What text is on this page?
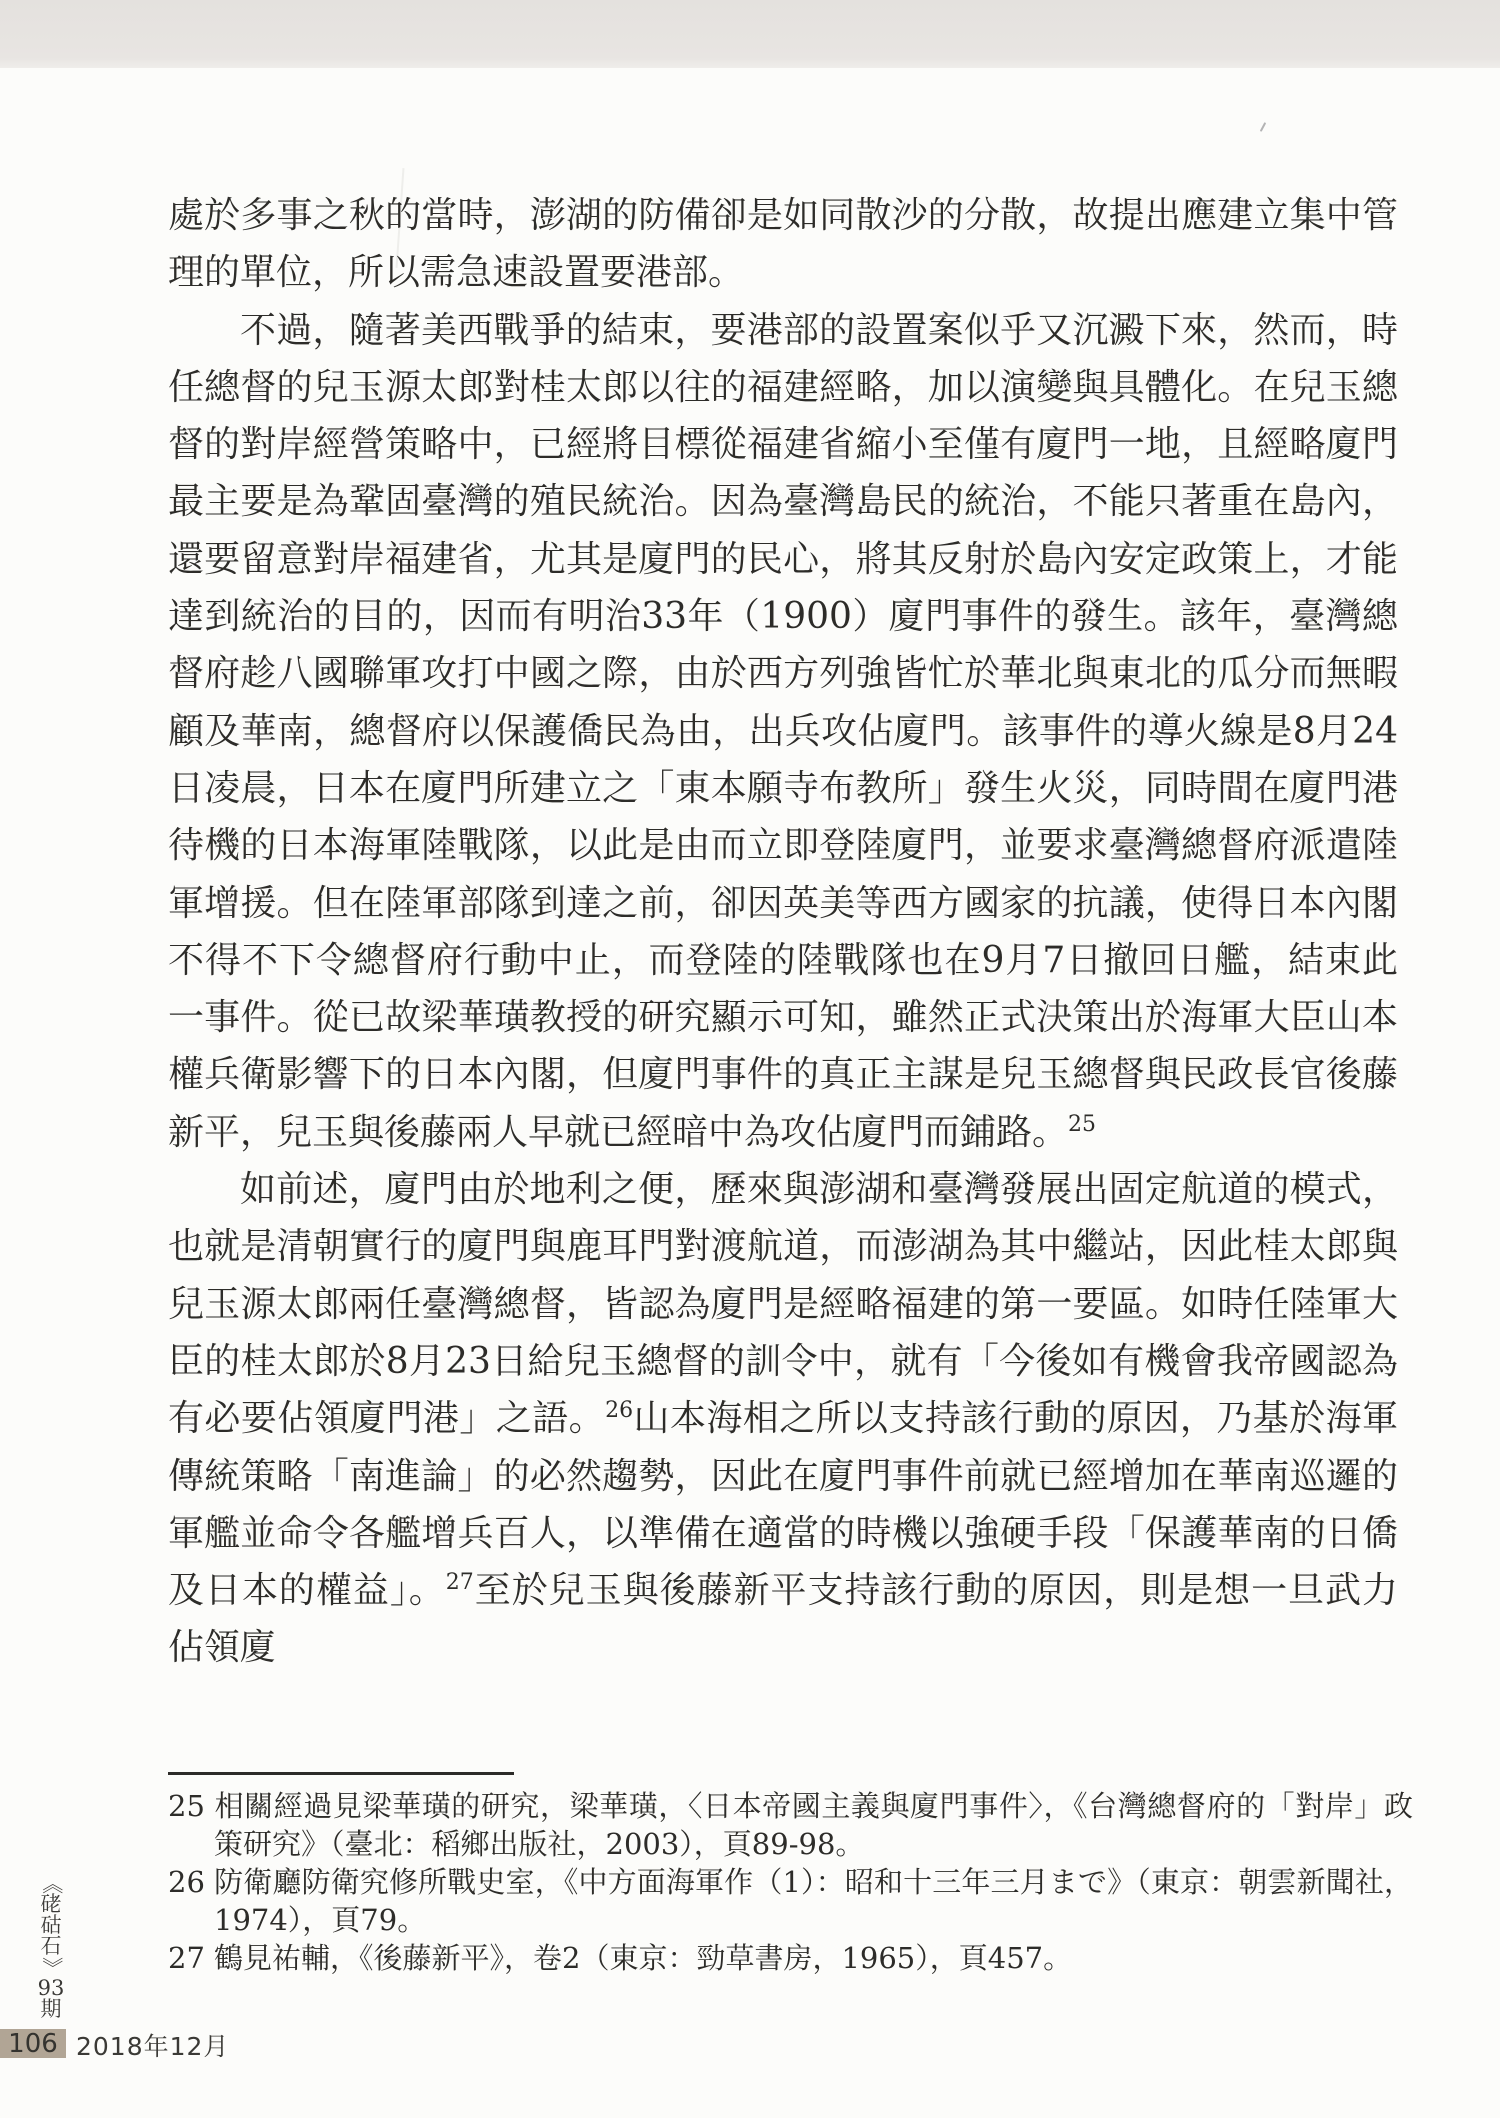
處於多事之秋的當時，澎湖的防備卻是如同散沙的分散，故提出應建立集中管理的單位，所以需急速設置要港部。

不過，隨著美西戰爭的結束，要港部的設置案似乎又沉澱下來，然而，時任總督的兒玉源太郎對桂太郎以往的福建經略，加以演變與具體化。在兒玉總督的對岸經營策略中，已經將目標從福建省縮小至僅有廈門一地，且經略廈門最主要是為鞏固臺灣的殖民統治。因為臺灣島民的統治，不能只著重在島內，還要留意對岸福建省，尤其是廈門的民心，將其反射於島內安定政策上，才能達到統治的目的，因而有明治33年（1900）廈門事件的發生。該年，臺灣總督府趁八國聯軍攻打中國之際，由於西方列強皆忙於華北與東北的瓜分而無暇顧及華南，總督府以保護僑民為由，出兵攻佔廈門。該事件的導火線是8月24日凌晨，日本在廈門所建立之「東本願寺布教所」發生火災，同時間在廈門港待機的日本海軍陸戰隊，以此是由而立即登陸廈門，並要求臺灣總督府派遣陸軍增援。但在陸軍部隊到達之前，卻因英美等西方國家的抗議，使得日本內閣不得不下令總督府行動中止，而登陸的陸戰隊也在9月7日撤回日艦，結束此一事件。從已故梁華璜教授的研究顯示可知，雖然正式決策出於海軍大臣山本權兵衛影響下的日本內閣，但廈門事件的真正主謀是兒玉總督與民政長官後藤新平，兒玉與後藤兩人早就已經暗中為攻佔廈門而鋪路。$^{25}$

如前述，廈門由於地利之便，歷來與澎湖和臺灣發展出固定航道的模式，也就是清朝實行的廈門與鹿耳門對渡航道，而澎湖為其中繼站，因此桂太郎與兒玉源太郎兩任臺灣總督，皆認為廈門是經略福建的第一要區。如時任陸軍大臣的桂太郎於8月23日給兒玉總督的訓令中，就有「今後如有機會我帝國認為有必要佔領廈門港」之語。$^{26}$山本海相之所以支持該行動的原因，乃基於海軍傳統策略「南進論」的必然趨勢，因此在廈門事件前就已經增加在華南巡邏的軍艦並命令各艦增兵百人，以準備在適當的時機以強硬手段「保護華南的日僑及日本的權益」。$^{27}$至於兒玉與後藤新平支持該行動的原因，則是想一旦武力佔領廈

25 相關經過見梁華璜的研究，梁華璜，〈日本帝國主義與廈門事件〉，《台灣總督府的「對岸」政策研究》（臺北：稻鄉出版社，2003），頁89-98。

26 防衛廳防衛究修所戰史室，《中方面海軍作（1）：昭和十三年三月まで》（東京：朝雲新聞社，1974），頁79。

27 鶴見祐輔，《後藤新平》，卷2（東京：勁草書房，1965），頁457。

《
硓
𥑮
石
》
93
期
106 2018年12月
